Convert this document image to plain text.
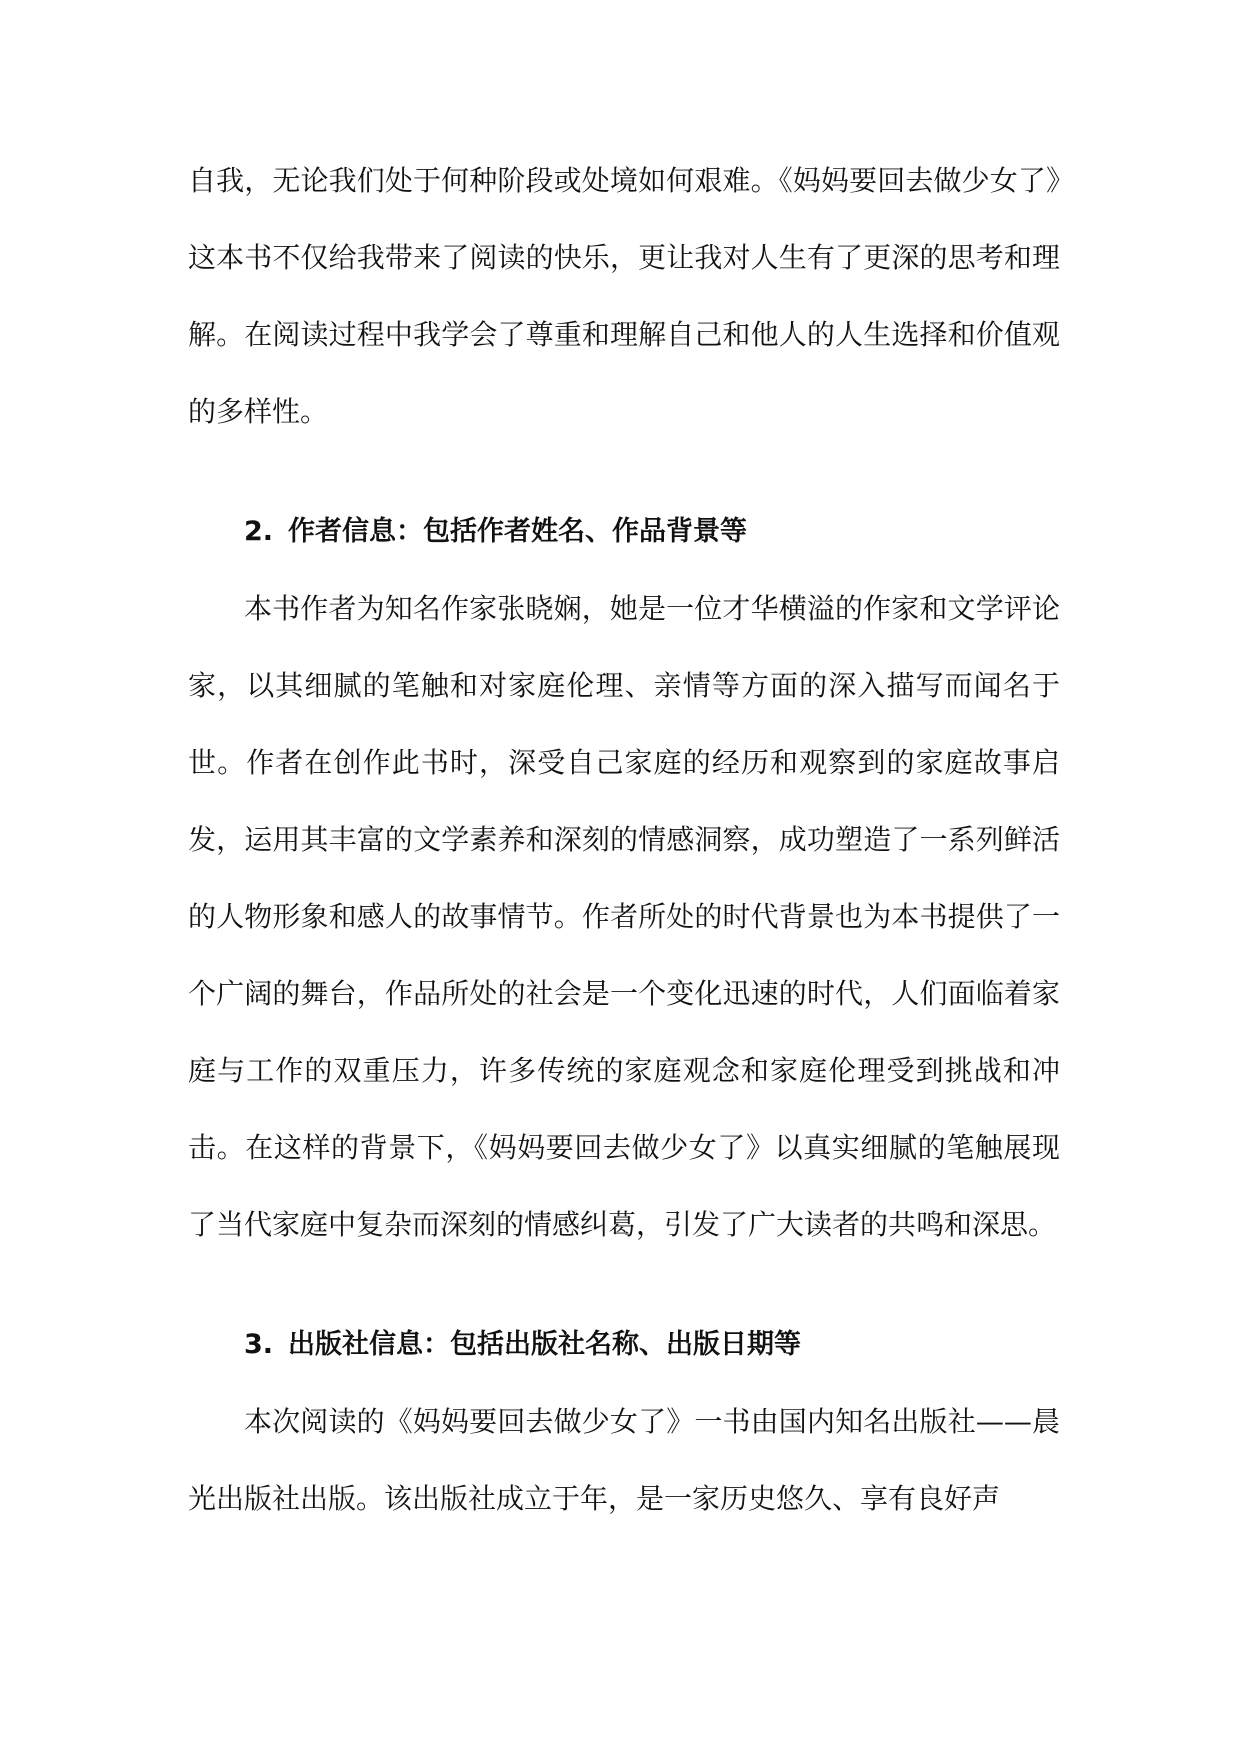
自我，无论我们处于何种阶段或处境如何艰难。《妈妈要回去做少女了》这本书不仅给我带来了阅读的快乐，更让我对人生有了更深的思考和理解。在阅读过程中我学会了尊重和理解自己和他人的人生选择和价值观的多样性。

2. 作者信息：包括作者姓名、作品背景等

本书作者为知名作家张晓娴，她是一位才华横溢的作家和文学评论家，以其细腻的笔触和对家庭伦理、亲情等方面的深入描写而闻名于世。作者在创作此书时，深受自己家庭的经历和观察到的家庭故事启发，运用其丰富的文学素养和深刻的情感洞察，成功塑造了一系列鲜活的人物形象和感人的故事情节。作者所处的时代背景也为本书提供了一个广阔的舞台，作品所处的社会是一个变化迅速的时代，人们面临着家庭与工作的双重压力，许多传统的家庭观念和家庭伦理受到挑战和冲击。在这样的背景下，《妈妈要回去做少女了》以真实细腻的笔触展现了当代家庭中复杂而深刻的情感纠葛，引发了广大读者的共鸣和深思。

3. 出版社信息：包括出版社名称、出版日期等

本次阅读的《妈妈要回去做少女了》一书由国内知名出版社——晨光出版社出版。该出版社成立于年，是一家历史悠久、享有良好声
